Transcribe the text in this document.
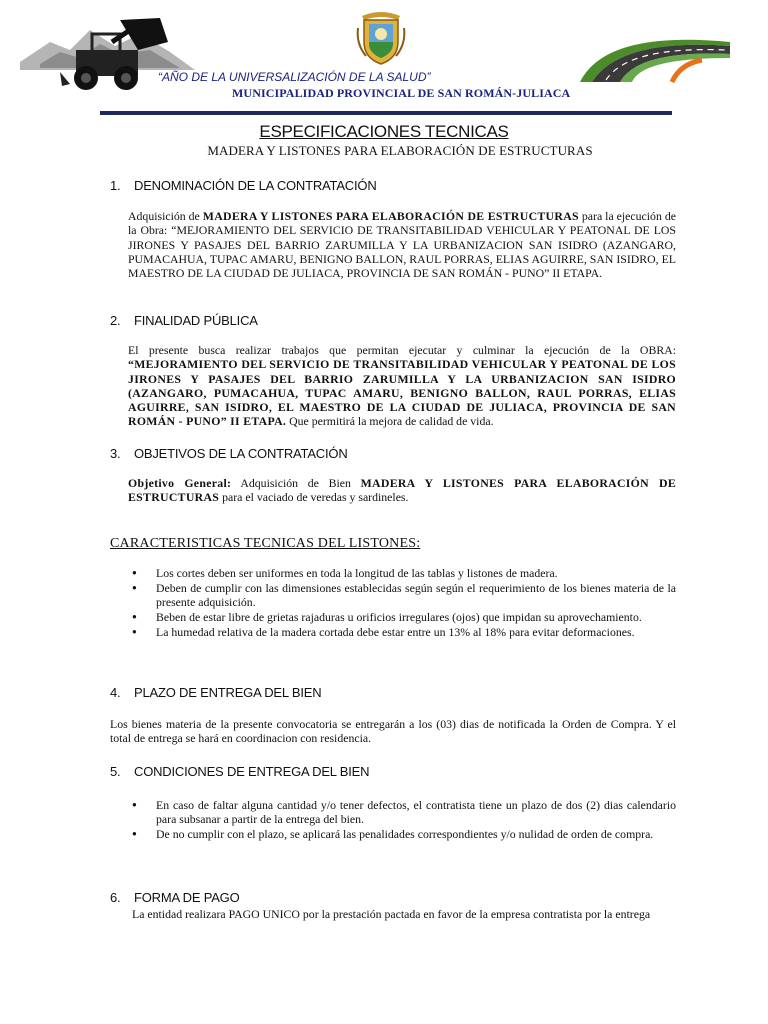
“AÑO DE LA UNIVERSALIZACIÓN DE LA SALUD”
MUNICIPALIDAD PROVINCIAL DE SAN ROMÁN-JULIACA
ESPECIFICACIONES TECNICAS
MADERA Y LISTONES PARA ELABORACIÓN DE ESTRUCTURAS
1. DENOMINACIÓN DE LA CONTRATACIÓN
Adquisición de MADERA Y LISTONES PARA ELABORACIÓN DE ESTRUCTURAS para la ejecución de la Obra: “MEJORAMIENTO DEL SERVICIO DE TRANSITABILIDAD VEHICULAR Y PEATONAL DE LOS JIRONES Y PASAJES DEL BARRIO ZARUMILLA Y LA URBANIZACION SAN ISIDRO (AZANGARO, PUMACAHUA, TUPAC AMARU, BENIGNO BALLON, RAUL PORRAS, ELIAS AGUIRRE, SAN ISIDRO, EL MAESTRO DE LA CIUDAD DE JULIACA, PROVINCIA DE SAN ROMÁN - PUNO” II ETAPA.
2. FINALIDAD PÚBLICA
El presente busca realizar trabajos que permitan ejecutar y culminar la ejecución de la OBRA: “MEJORAMIENTO DEL SERVICIO DE TRANSITABILIDAD VEHICULAR Y PEATONAL DE LOS JIRONES Y PASAJES DEL BARRIO ZARUMILLA Y LA URBANIZACION SAN ISIDRO (AZANGARO, PUMACAHUA, TUPAC AMARU, BENIGNO BALLON, RAUL PORRAS, ELIAS AGUIRRE, SAN ISIDRO, EL MAESTRO DE LA CIUDAD DE JULIACA, PROVINCIA DE SAN ROMÁN - PUNO” II ETAPA. Que permitirá la mejora de calidad de vida.
3. OBJETIVOS DE LA CONTRATACIÓN
Objetivo General: Adquisición de Bien MADERA Y LISTONES PARA ELABORACIÓN DE ESTRUCTURAS para el vaciado de veredas y sardineles.
CARACTERISTICAS TECNICAS DEL LISTONES:
● Los cortes deben ser uniformes en toda la longitud de las tablas y listones de madera.
● Deben de cumplir con las dimensiones establecidas según según el requerimiento de los bienes materia de la presente adquisición.
● Beben de estar libre de grietas rajaduras u orificios irregulares (ojos) que impidan su aprovechamiento.
● La humedad relativa de la madera cortada debe estar entre un 13% al 18% para evitar deformaciones.
4. PLAZO DE ENTREGA DEL BIEN
Los bienes materia de la presente convocatoria se entregarán a los (03) dias de notificada la Orden de Compra. Y el total de entrega se hará en coordinacion con residencia.
5. CONDICIONES DE ENTREGA DEL BIEN
● En caso de faltar alguna cantidad y/o tener defectos, el contratista tiene un plazo de dos (2) dias calendario para subsanar a partir de la entrega del bien.
● De no cumplir con el plazo, se aplicará las penalidades correspondientes y/o nulidad de orden de compra.
6. FORMA DE PAGO
La entidad realizara PAGO UNICO por la prestación pactada en favor de la empresa contratista por la entrega
